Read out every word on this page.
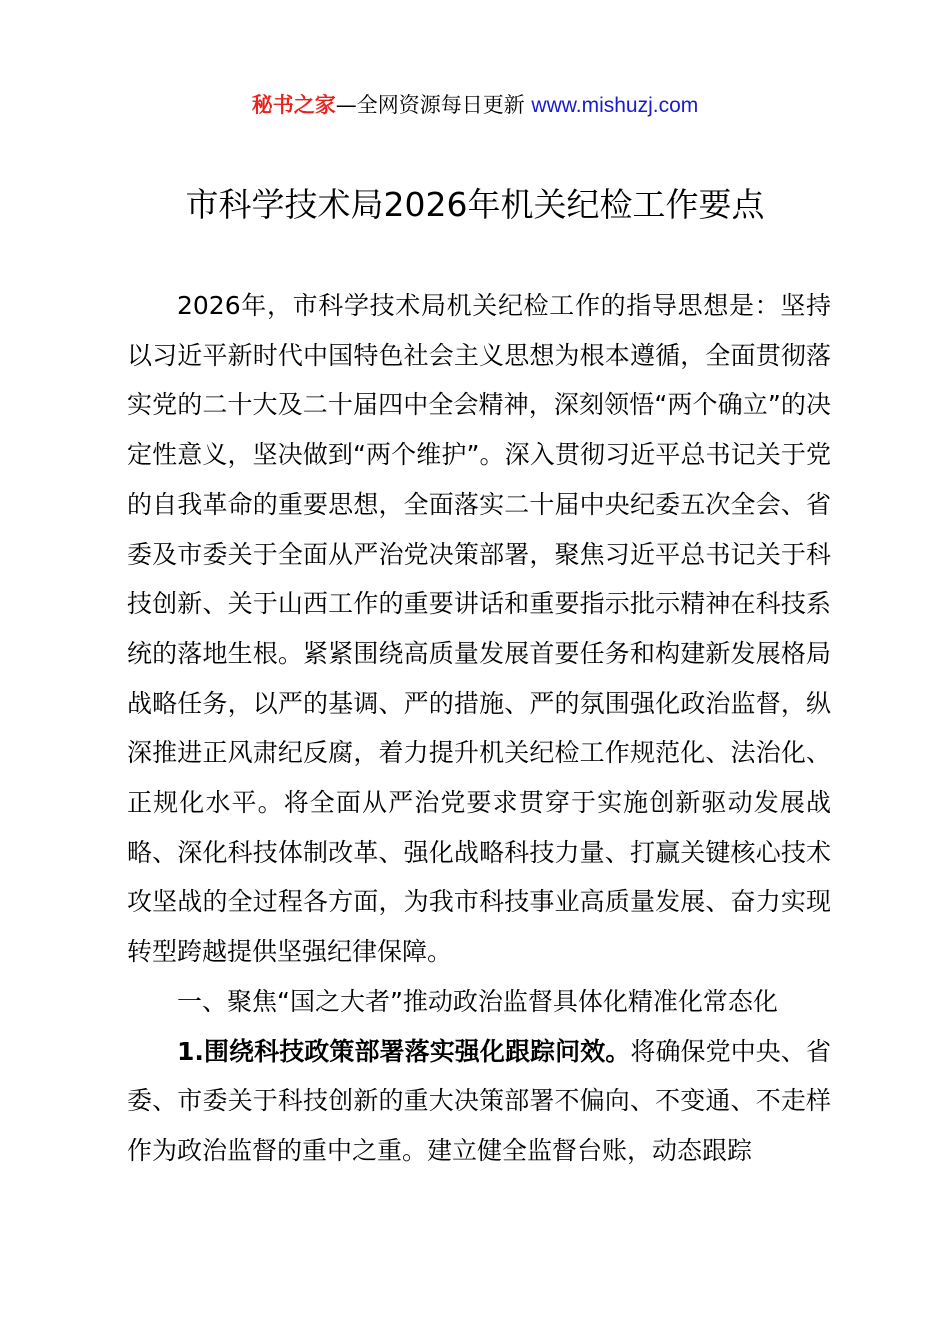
秘书之家—全网资源每日更新 www.mishuzj.com
市科学技术局2026年机关纪检工作要点

2026年，市科学技术局机关纪检工作的指导思想是：坚持以习近平新时代中国特色社会主义思想为根本遵循，全面贯彻落实党的二十大及二十届四中全会精神，深刻领悟“两个确立”的决定性意义，坚决做到“两个维护”。深入贯彻习近平总书记关于党的自我革命的重要思想，全面落实二十届中央纪委五次全会、省委及市委关于全面从严治党决策部署，聚焦习近平总书记关于科技创新、关于山西工作的重要讲话和重要指示批示精神在科技系统的落地生根。紧紧围绕高质量发展首要任务和构建新发展格局战略任务，以严的基调、严的措施、严的氛围强化政治监督，纵深推进正风肃纪反腐，着力提升机关纪检工作规范化、法治化、正规化水平。将全面从严治党要求贯穿于实施创新驱动发展战略、深化科技体制改革、强化战略科技力量、打赢关键核心技术攻坚战的全过程各方面，为我市科技事业高质量发展、奋力实现转型跨越提供坚强纪律保障。

一、聚焦“国之大者”推动政治监督具体化精准化常态化

1.围绕科技政策部署落实强化跟踪问效。将确保党中央、省委、市委关于科技创新的重大决策部署不偏向、不变通、不走样作为政治监督的重中之重。建立健全监督台账，动态跟踪
